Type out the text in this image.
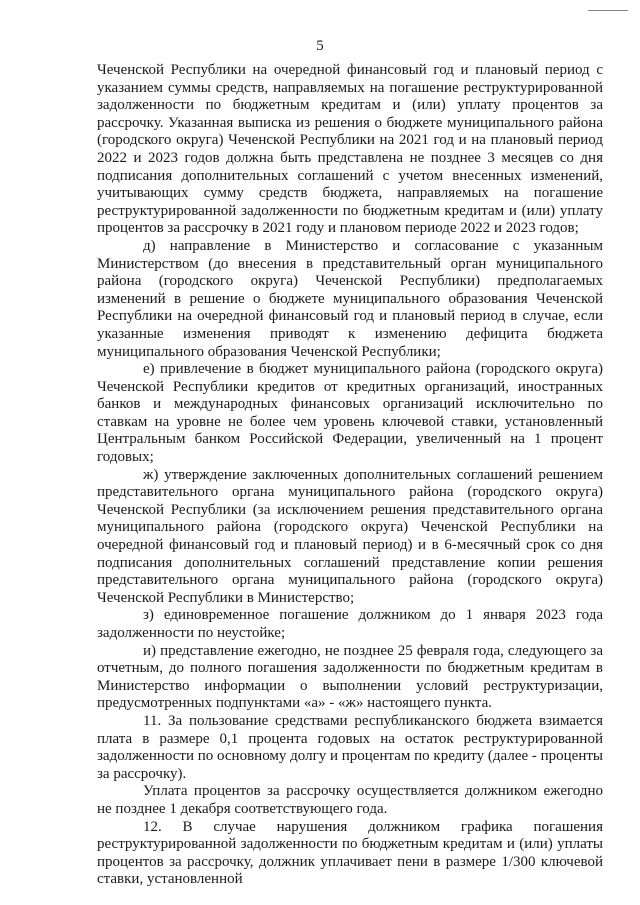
5

Чеченской Республики на очередной финансовый год и плановый период с указанием суммы средств, направляемых на погашение реструктурированной задолженности по бюджетным кредитам и (или) уплату процентов за рассрочку. Указанная выписка из решения о бюджете муниципального района (городского округа) Чеченской Республики на 2021 год и на плановый период 2022 и 2023 годов должна быть представлена не позднее 3 месяцев со дня подписания дополнительных соглашений с учетом внесенных изменений, учитывающих сумму средств бюджета, направляемых на погашение реструктурированной задолженности по бюджетным кредитам и (или) уплату процентов за рассрочку в 2021 году и плановом периоде 2022 и 2023 годов;

д) направление в Министерство и согласование с указанным Министерством (до внесения в представительный орган муниципального района (городского округа) Чеченской Республики) предполагаемых изменений в решение о бюджете муниципального образования Чеченской Республики на очередной финансовый год и плановый период в случае, если указанные изменения приводят к изменению дефицита бюджета муниципального образования Чеченской Республики;

е) привлечение в бюджет муниципального района (городского округа) Чеченской Республики кредитов от кредитных организаций, иностранных банков и международных финансовых организаций исключительно по ставкам на уровне не более чем уровень ключевой ставки, установленный Центральным банком Российской Федерации, увеличенный на 1 процент годовых;

ж) утверждение заключенных дополнительных соглашений решением представительного органа муниципального района (городского округа) Чеченской Республики (за исключением решения представительного органа муниципального района (городского округа) Чеченской Республики на очередной финансовый год и плановый период) и в 6-месячный срок со дня подписания дополнительных соглашений представление копии решения представительного органа муниципального района (городского округа) Чеченской Республики в Министерство;

з) единовременное погашение должником до 1 января 2023 года задолженности по неустойке;

и) представление ежегодно, не позднее 25 февраля года, следующего за отчетным, до полного погашения задолженности по бюджетным кредитам в Министерство информации о выполнении условий реструктуризации, предусмотренных подпунктами «а» - «ж» настоящего пункта.

11. За пользование средствами республиканского бюджета взимается плата в размере 0,1 процента годовых на остаток реструктурированной задолженности по основному долгу и процентам по кредиту (далее - проценты за рассрочку).

Уплата процентов за рассрочку осуществляется должником ежегодно не позднее 1 декабря соответствующего года.

12. В случае нарушения должником графика погашения реструктурированной задолженности по бюджетным кредитам и (или) уплаты процентов за рассрочку, должник уплачивает пени в размере 1/300 ключевой ставки, установленной
